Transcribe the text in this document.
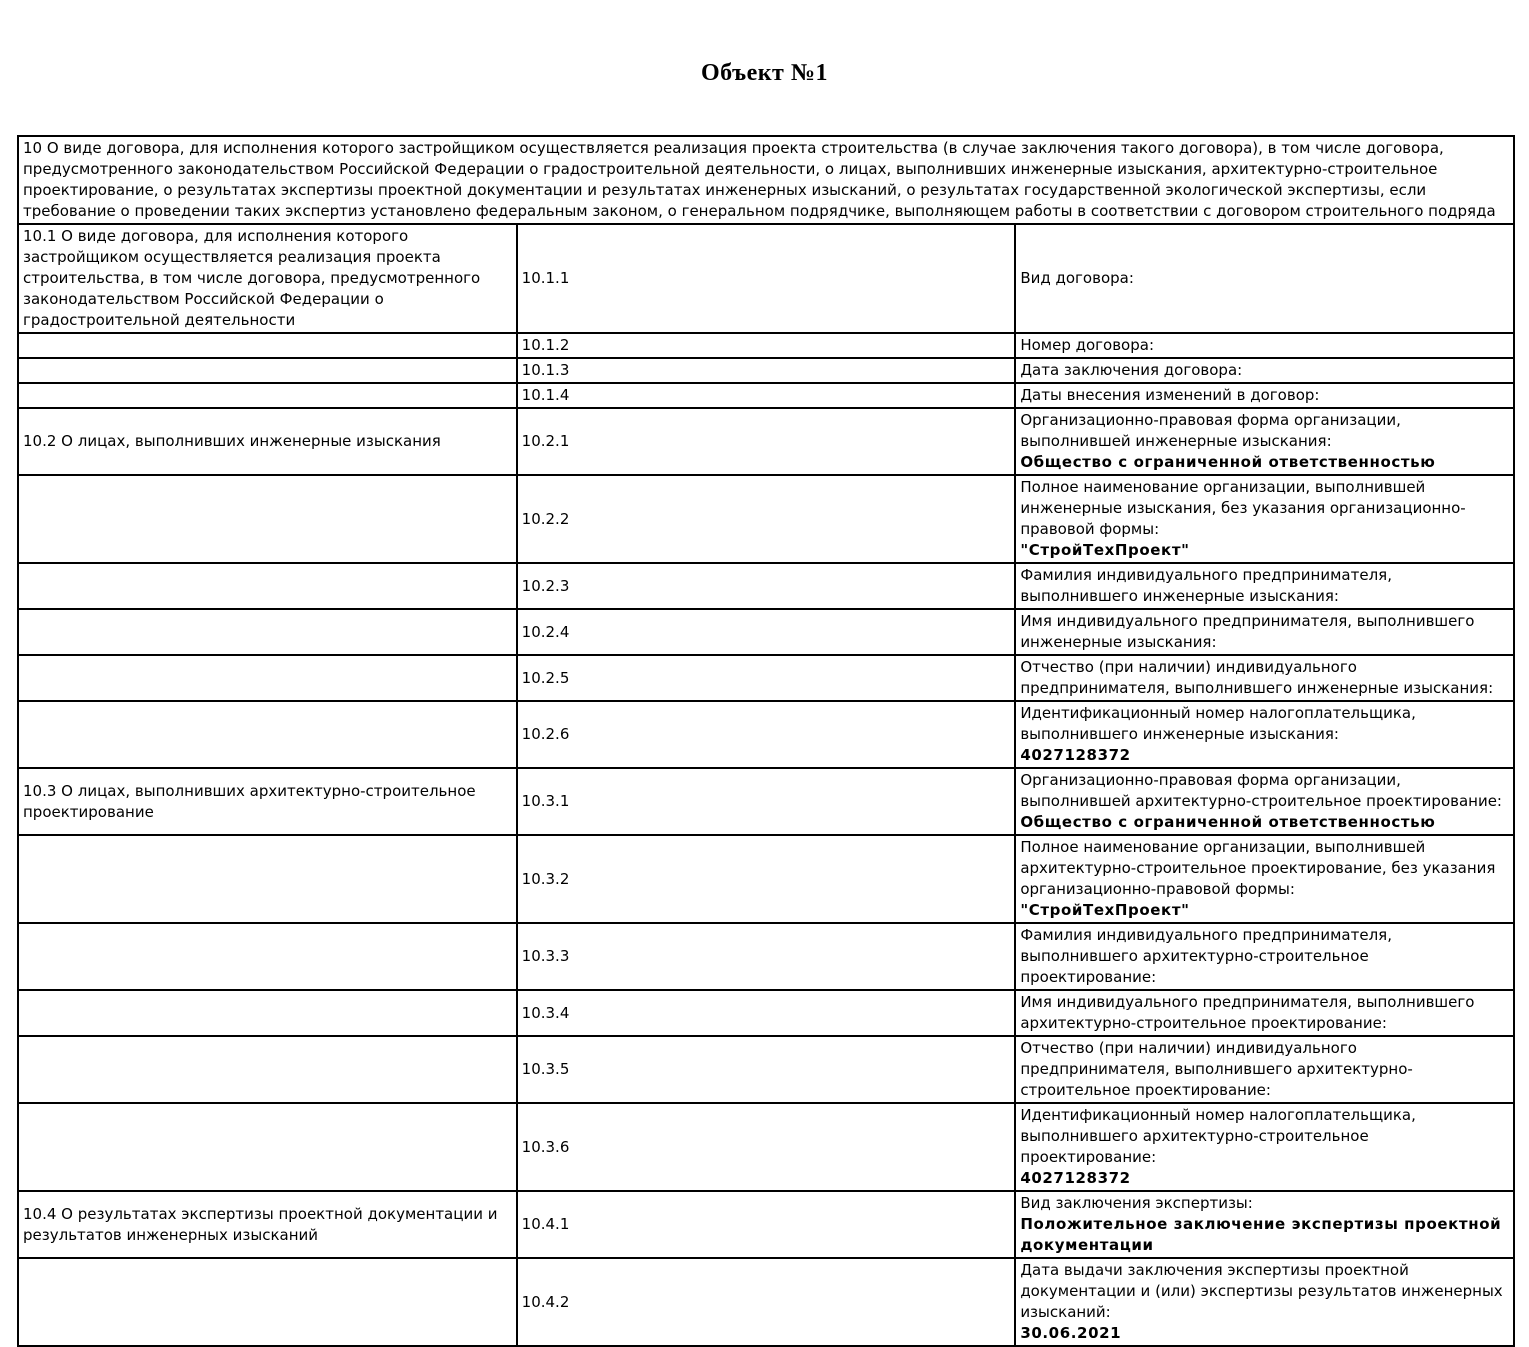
Объект №1
10 О виде договора, для исполнения которого застройщиком осуществляется реализация проекта строительства (в случае заключения такого договора), в том числе договора, предусмотренного законодательством Российской Федерации о градостроительной деятельности, о лицах, выполнивших инженерные изыскания, архитектурно-строительное проектирование, о результатах экспертизы проектной документации и результатах инженерных изысканий, о результатах государственной экологической экспертизы, если требование о проведении таких экспертиз установлено федеральным законом, о генеральном подрядчике, выполняющем работы в соответствии с договором строительного подряда		
10.1 О виде договора, для исполнения которого застройщиком осуществляется реализация проекта строительства, в том числе договора, предусмотренного законодательством Российской Федерации о градостроительной деятельности	10.1.1	Вид договора:

	10.1.2	Номер договора:

	10.1.3	Дата заключения договора:

	10.1.4	Даты внесения изменений в договор:

10.2 О лицах, выполнивших инженерные изыскания	10.2.1	Организационно-правовая форма организации, выполнившей инженерные изыскания:
Общество с ограниченной ответственностью

	10.2.2	Полное наименование организации, выполнившей инженерные изыскания, без указания организационно-правовой формы:
"СтройТехПроект"

	10.2.3	Фамилия индивидуального предпринимателя, выполнившего инженерные изыскания:

	10.2.4	Имя индивидуального предпринимателя, выполнившего инженерные изыскания:

	10.2.5	Отчество (при наличии) индивидуального предпринимателя, выполнившего инженерные изыскания:

	10.2.6	Идентификационный номер налогоплательщика, выполнившего инженерные изыскания:
4027128372

10.3 О лицах, выполнивших архитектурно-строительное проектирование	10.3.1	Организационно-правовая форма организации, выполнившей архитектурно-строительное проектирование:
Общество с ограниченной ответственностью

	10.3.2	Полное наименование организации, выполнившей архитектурно-строительное проектирование, без указания организационно-правовой формы:
"СтройТехПроект"

	10.3.3	Фамилия индивидуального предпринимателя, выполнившего архитектурно-строительное проектирование:

	10.3.4	Имя индивидуального предпринимателя, выполнившего архитектурно-строительное проектирование:

	10.3.5	Отчество (при наличии) индивидуального предпринимателя, выполнившего архитектурно-строительное проектирование:

	10.3.6	Идентификационный номер налогоплательщика, выполнившего архитектурно-строительное проектирование:
4027128372

10.4 О результатах экспертизы проектной документации и результатов инженерных изысканий	10.4.1	Вид заключения экспертизы:
Положительное заключение экспертизы проектной документации

	10.4.2	Дата выдачи заключения экспертизы проектной документации и (или) экспертизы результатов инженерных изысканий:
30.06.2021
